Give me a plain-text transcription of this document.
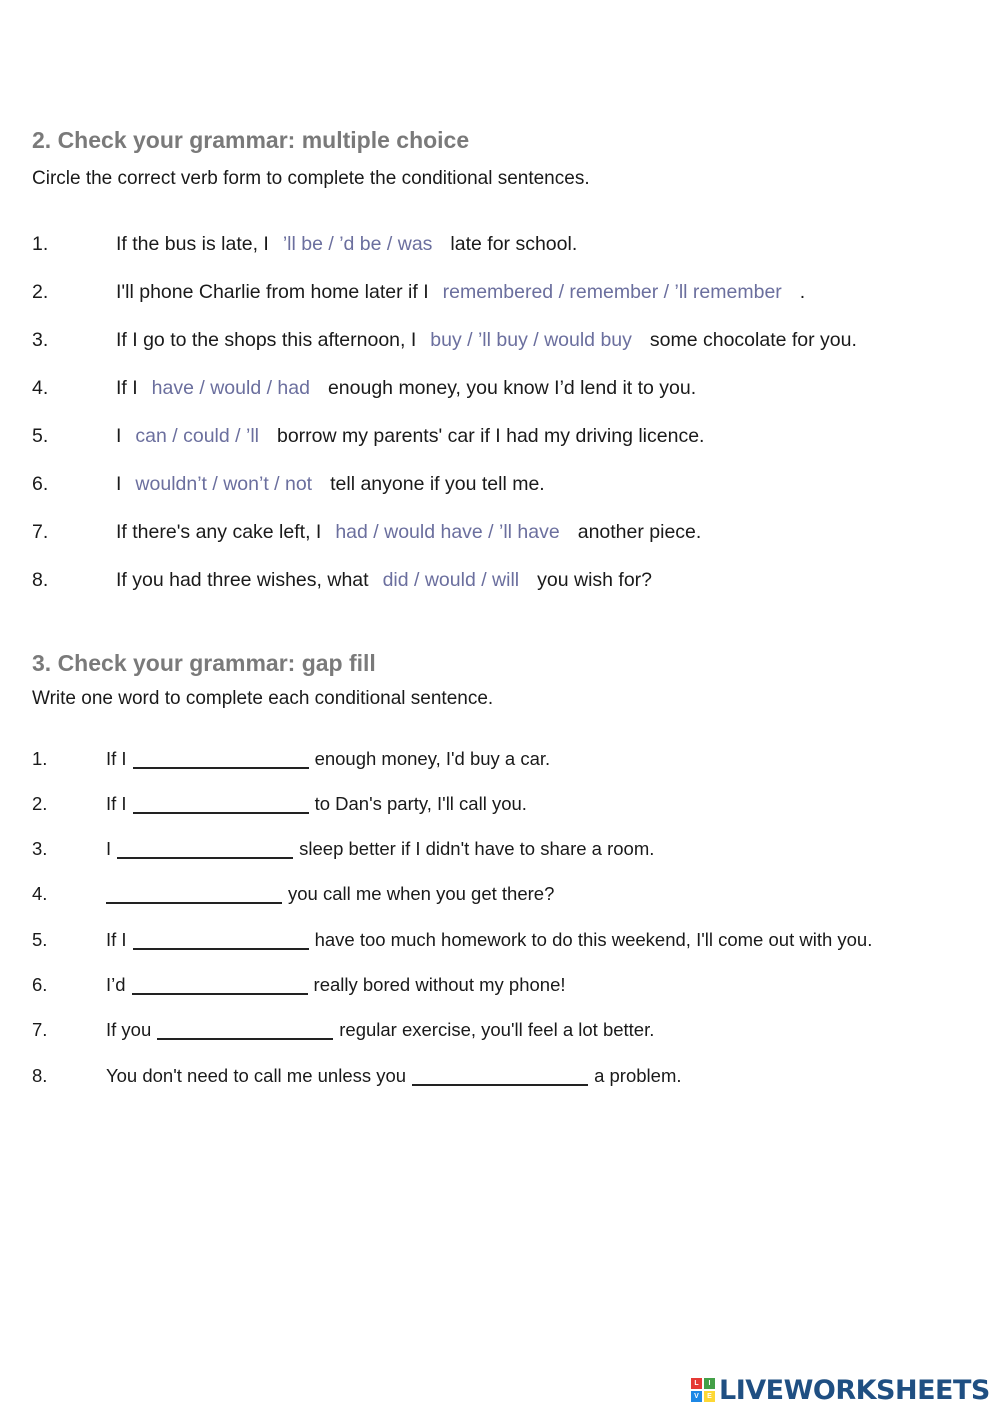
2. Check your grammar: multiple choice

Circle the correct verb form to complete the conditional sentences.

1.	If the bus is late, I ’ll be / ’d be / was late for school.
2.	I'll phone Charlie from home later if I remembered / remember / ’ll remember .
3.	If I go to the shops this afternoon, I buy / ’ll buy / would buy some chocolate for you.
4.	If I have / would / had enough money, you know I’d lend it to you.
5.	I can / could / ’ll borrow my parents' car if I had my driving licence.
6.	I wouldn’t / won’t / not tell anyone if you tell me.
7.	If there's any cake left, I had / would have / ’ll have another piece.
8.	If you had three wishes, what did / would / will you wish for?
3. Check your grammar: gap fill

Write one word to complete each conditional sentence.

1.	If I	enough money, I'd buy a car.
2.	If I	to Dan's party, I'll call you.
3.	I	sleep better if I didn't have to share a room.
4.	you call me when you get there?
5.	If I	have too much homework to do this weekend, I'll come out with you.
6.	I’d	really bored without my phone!
7.	If you	regular exercise, you'll feel a lot better.
8.	You don't need to call me unless you	a problem.
L	I
V	E LIVEWORKSHEETS
